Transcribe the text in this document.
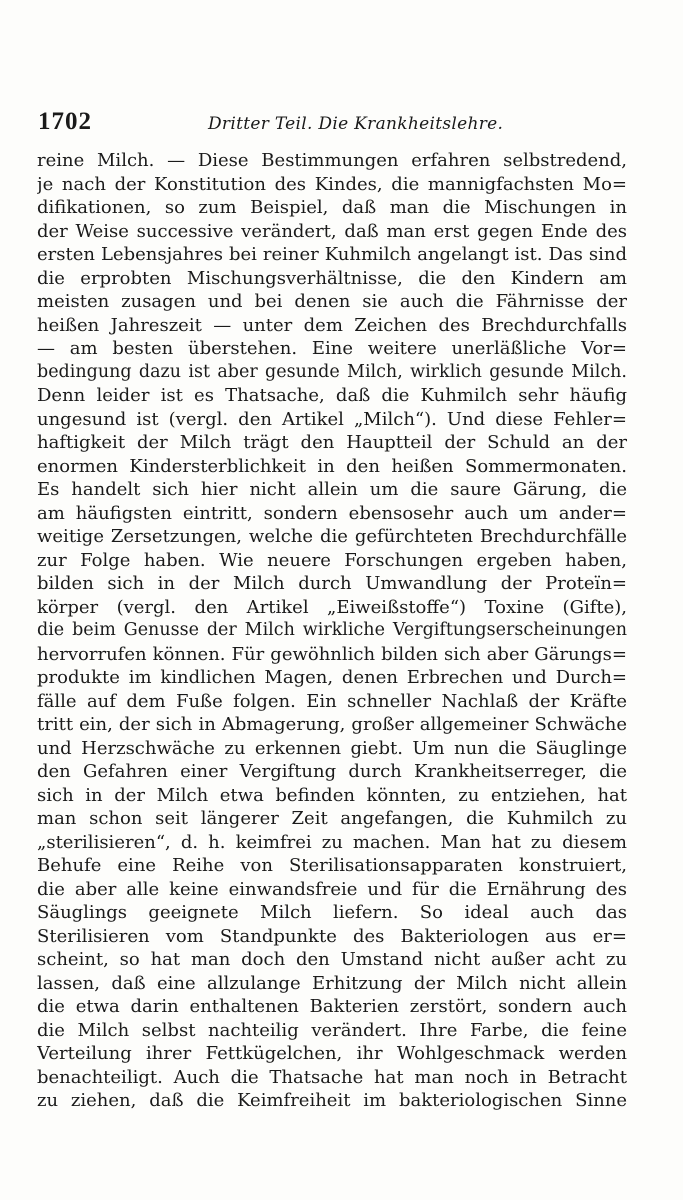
1702	Dritter Teil. Die Krankheitslehre.
reine Milch. — Diese Bestimmungen erfahren selbstredend,
je nach der Konstitution des Kindes, die mannigfachsten Mo=
difikationen, so zum Beispiel, daß man die Mischungen in
der Weise successive verändert, daß man erst gegen Ende des
ersten Lebensjahres bei reiner Kuhmilch angelangt ist. Das sind
die erprobten Mischungsverhältnisse, die den Kindern am
meisten zusagen und bei denen sie auch die Fährnisse der
heißen Jahreszeit — unter dem Zeichen des Brechdurchfalls
— am besten überstehen. Eine weitere unerläßliche Vor=
bedingung dazu ist aber gesunde Milch, wirklich gesunde Milch.
Denn leider ist es Thatsache, daß die Kuhmilch sehr häufig
ungesund ist (vergl. den Artikel „Milch“). Und diese Fehler=
haftigkeit der Milch trägt den Hauptteil der Schuld an der
enormen Kindersterblichkeit in den heißen Sommermonaten.
Es handelt sich hier nicht allein um die saure Gärung, die
am häufigsten eintritt, sondern ebensosehr auch um ander=
weitige Zersetzungen, welche die gefürchteten Brechdurchfälle
zur Folge haben. Wie neuere Forschungen ergeben haben,
bilden sich in der Milch durch Umwandlung der Proteïn=
körper (vergl. den Artikel „Eiweißstoffe“) Toxine (Gifte),
die beim Genusse der Milch wirkliche Vergiftungserscheinungen
hervorrufen können. Für gewöhnlich bilden sich aber Gärungs=
produkte im kindlichen Magen, denen Erbrechen und Durch=
fälle auf dem Fuße folgen. Ein schneller Nachlaß der Kräfte
tritt ein, der sich in Abmagerung, großer allgemeiner Schwäche
und Herzschwäche zu erkennen giebt. Um nun die Säuglinge
den Gefahren einer Vergiftung durch Krankheitserreger, die
sich in der Milch etwa befinden könnten, zu entziehen, hat
man schon seit längerer Zeit angefangen, die Kuhmilch zu
„sterilisieren“, d. h. keimfrei zu machen. Man hat zu diesem
Behufe eine Reihe von Sterilisationsapparaten konstruiert,
die aber alle keine einwandsfreie und für die Ernährung des
Säuglings geeignete Milch liefern. So ideal auch das
Sterilisieren vom Standpunkte des Bakteriologen aus er=
scheint, so hat man doch den Umstand nicht außer acht zu
lassen, daß eine allzulange Erhitzung der Milch nicht allein
die etwa darin enthaltenen Bakterien zerstört, sondern auch
die Milch selbst nachteilig verändert. Ihre Farbe, die feine
Verteilung ihrer Fettkügelchen, ihr Wohlgeschmack werden
benachteiligt. Auch die Thatsache hat man noch in Betracht
zu ziehen, daß die Keimfreiheit im bakteriologischen Sinne
